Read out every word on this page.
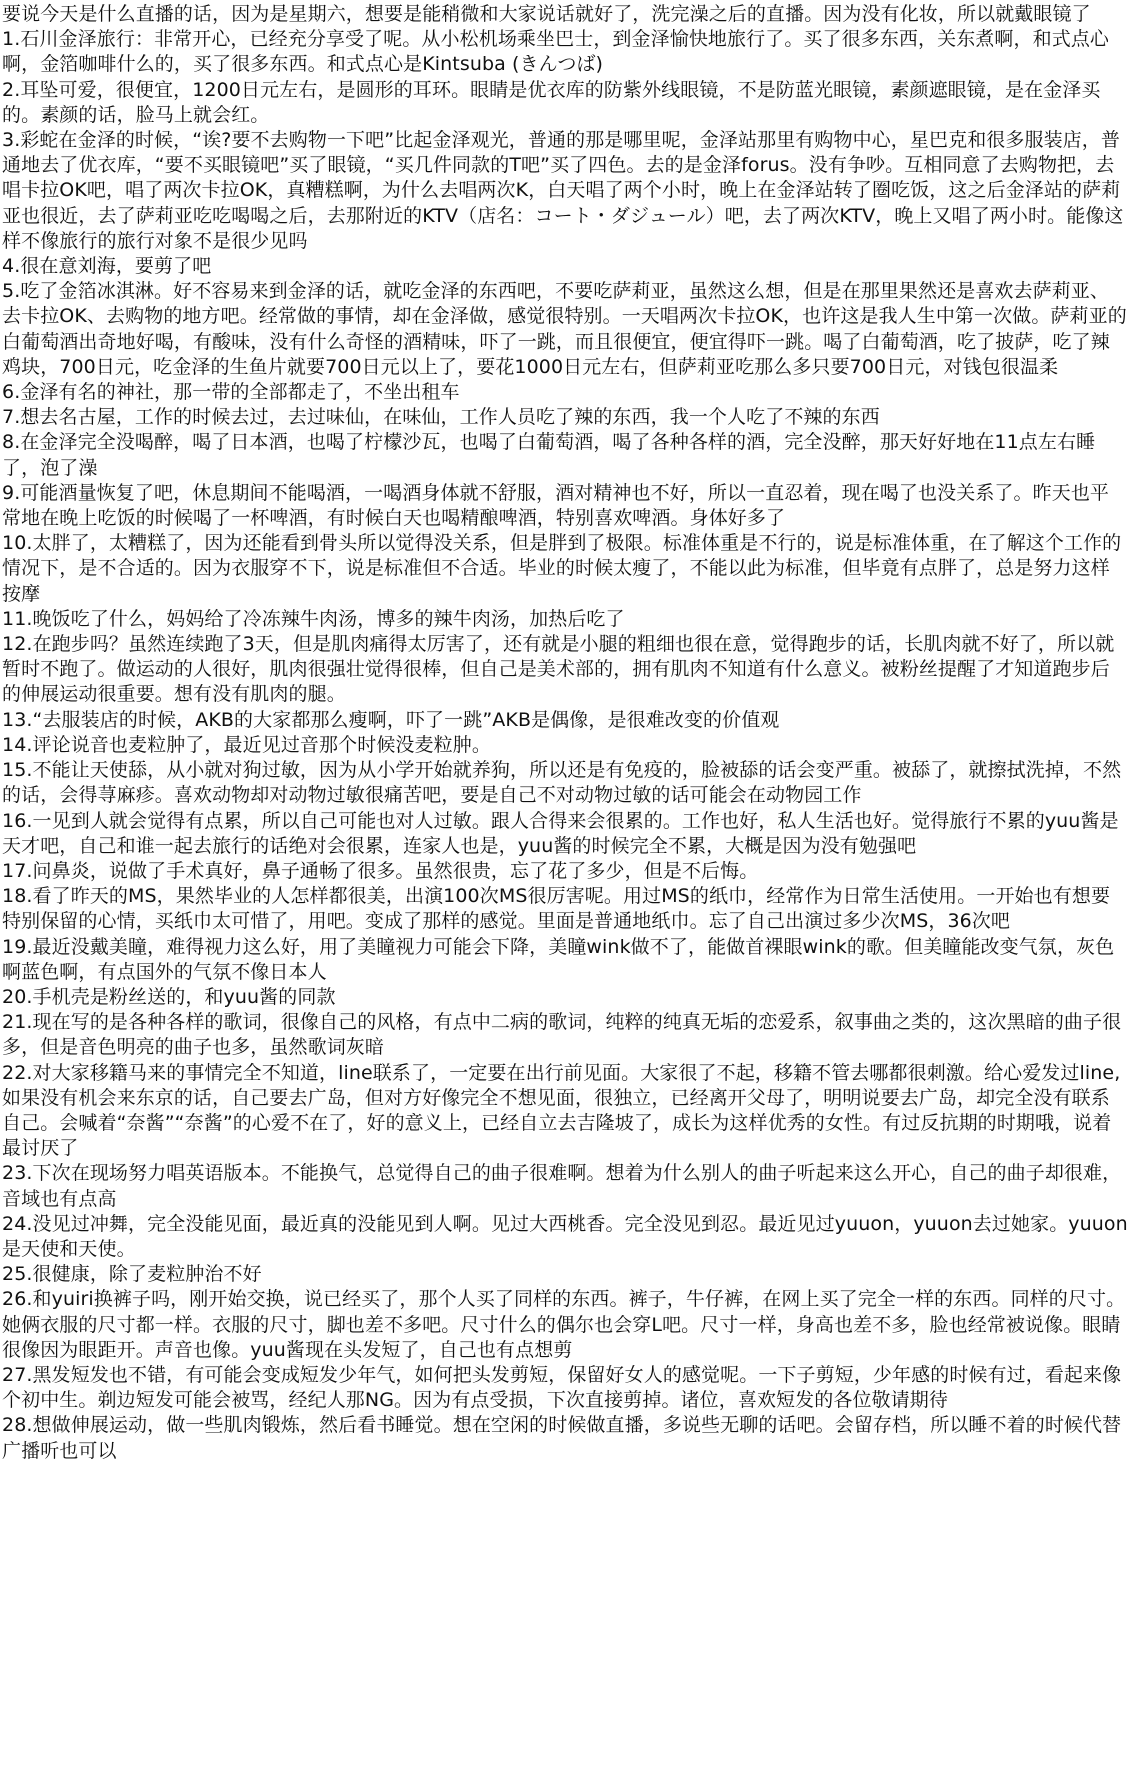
要说今天是什么直播的话，因为是星期六，想要是能稍微和大家说话就好了，洗完澡之后的直播。因为没有化妆，所以就戴眼镜了

1.石川金泽旅行：非常开心，已经充分享受了呢。从小松机场乘坐巴士，到金泽愉快地旅行了。买了很多东西，关东煮啊，和式点心啊，金箔咖啡什么的，买了很多东西。和式点心是Kintsuba (きんつば)

2.耳坠可爱，很便宜，1200日元左右，是圆形的耳环。眼睛是优衣库的防紫外线眼镜，不是防蓝光眼镜，素颜遮眼镜，是在金泽买的。素颜的话，脸马上就会红。

3.彩蛇在金泽的时候，“诶?要不去购物一下吧”比起金泽观光，普通的那是哪里呢，金泽站那里有购物中心，星巴克和很多服装店，普通地去了优衣库，“要不买眼镜吧”买了眼镜，“买几件同款的T吧”买了四色。去的是金泽forus。没有争吵。互相同意了去购物把，去唱卡拉OK吧，唱了两次卡拉OK，真糟糕啊，为什么去唱两次K，白天唱了两个小时，晚上在金泽站转了圈吃饭，这之后金泽站的萨莉亚也很近，去了萨莉亚吃吃喝喝之后，去那附近的KTV（店名：コート・ダジュール）吧，去了两次KTV，晚上又唱了两小时。能像这样不像旅行的旅行对象不是很少见吗

4.很在意刘海，要剪了吧

5.吃了金箔冰淇淋。好不容易来到金泽的话，就吃金泽的东西吧，不要吃萨莉亚，虽然这么想，但是在那里果然还是喜欢去萨莉亚、去卡拉OK、去购物的地方吧。经常做的事情，却在金泽做，感觉很特别。一天唱两次卡拉OK，也许这是我人生中第一次做。萨莉亚的白葡萄酒出奇地好喝，有酸味，没有什么奇怪的酒精味，吓了一跳，而且很便宜，便宜得吓一跳。喝了白葡萄酒，吃了披萨，吃了辣鸡块，700日元，吃金泽的生鱼片就要700日元以上了，要花1000日元左右，但萨莉亚吃那么多只要700日元，对钱包很温柔

6.金泽有名的神社，那一带的全部都走了，不坐出租车

7.想去名古屋，工作的时候去过，去过味仙，在味仙，工作人员吃了辣的东西，我一个人吃了不辣的东西

8.在金泽完全没喝醉，喝了日本酒，也喝了柠檬沙瓦，也喝了白葡萄酒，喝了各种各样的酒，完全没醉，那天好好地在11点左右睡了，泡了澡

9.可能酒量恢复了吧，休息期间不能喝酒，一喝酒身体就不舒服，酒对精神也不好，所以一直忍着，现在喝了也没关系了。昨天也平常地在晚上吃饭的时候喝了一杯啤酒，有时候白天也喝精酿啤酒，特别喜欢啤酒。身体好多了

10.太胖了，太糟糕了，因为还能看到骨头所以觉得没关系，但是胖到了极限。标准体重是不行的，说是标准体重，在了解这个工作的情况下，是不合适的。因为衣服穿不下，说是标准但不合适。毕业的时候太瘦了，不能以此为标准，但毕竟有点胖了，总是努力这样按摩

11.晚饭吃了什么，妈妈给了冷冻辣牛肉汤，博多的辣牛肉汤，加热后吃了

12.在跑步吗？虽然连续跑了3天，但是肌肉痛得太厉害了，还有就是小腿的粗细也很在意，觉得跑步的话，长肌肉就不好了，所以就暂时不跑了。做运动的人很好，肌肉很强壮觉得很棒，但自己是美术部的，拥有肌肉不知道有什么意义。被粉丝提醒了才知道跑步后的伸展运动很重要。想有没有肌肉的腿。

13.“去服装店的时候，AKB的大家都那么瘦啊，吓了一跳”AKB是偶像，是很难改变的价值观

14.评论说音也麦粒肿了，最近见过音那个时候没麦粒肿。

15.不能让天使舔，从小就对狗过敏，因为从小学开始就养狗，所以还是有免疫的，脸被舔的话会变严重。被舔了，就擦拭洗掉，不然的话，会得荨麻疹。喜欢动物却对动物过敏很痛苦吧，要是自己不对动物过敏的话可能会在动物园工作

16.一见到人就会觉得有点累，所以自己可能也对人过敏。跟人合得来会很累的。工作也好，私人生活也好。觉得旅行不累的yuu酱是天才吧，自己和谁一起去旅行的话绝对会很累，连家人也是，yuu酱的时候完全不累，大概是因为没有勉强吧

17.问鼻炎，说做了手术真好，鼻子通畅了很多。虽然很贵，忘了花了多少，但是不后悔。

18.看了昨天的MS，果然毕业的人怎样都很美，出演100次MS很厉害呢。用过MS的纸巾，经常作为日常生活使用。一开始也有想要特别保留的心情，买纸巾太可惜了，用吧。变成了那样的感觉。里面是普通地纸巾。忘了自己出演过多少次MS，36次吧

19.最近没戴美瞳，难得视力这么好，用了美瞳视力可能会下降，美瞳wink做不了，能做首裸眼wink的歌。但美瞳能改变气氛，灰色啊蓝色啊，有点国外的气氛不像日本人

20.手机壳是粉丝送的，和yuu酱的同款

21.现在写的是各种各样的歌词，很像自己的风格，有点中二病的歌词，纯粹的纯真无垢的恋爱系，叙事曲之类的，这次黑暗的曲子很多，但是音色明亮的曲子也多，虽然歌词灰暗

22.对大家移籍马来的事情完全不知道，line联系了，一定要在出行前见面。大家很了不起，移籍不管去哪都很刺激。给心爱发过line,如果没有机会来东京的话，自己要去广岛，但对方好像完全不想见面，很独立，已经离开父母了，明明说要去广岛，却完全没有联系自己。会喊着“奈酱”“奈酱”的心爱不在了，好的意义上，已经自立去吉隆坡了，成长为这样优秀的女性。有过反抗期的时期哦，说着最讨厌了

23.下次在现场努力唱英语版本。不能换气，总觉得自己的曲子很难啊。想着为什么别人的曲子听起来这么开心，自己的曲子却很难，音域也有点高

24.没见过冲舞，完全没能见面，最近真的没能见到人啊。见过大西桃香。完全没见到忍。最近见过yuuon，yuuon去过她家。yuuon是天使和天使。

25.很健康，除了麦粒肿治不好

26.和yuiri换裤子吗，刚开始交换，说已经买了，那个人买了同样的东西。裤子，牛仔裤，在网上买了完全一样的东西。同样的尺寸。她俩衣服的尺寸都一样。衣服的尺寸，脚也差不多吧。尺寸什么的偶尔也会穿L吧。尺寸一样，身高也差不多，脸也经常被说像。眼睛很像因为眼距开。声音也像。yuu酱现在头发短了，自己也有点想剪

27.黑发短发也不错，有可能会变成短发少年气，如何把头发剪短，保留好女人的感觉呢。一下子剪短，少年感的时候有过，看起来像个初中生。剃边短发可能会被骂，经纪人那NG。因为有点受损，下次直接剪掉。诸位，喜欢短发的各位敬请期待

28.想做伸展运动，做一些肌肉锻炼，然后看书睡觉。想在空闲的时候做直播，多说些无聊的话吧。会留存档，所以睡不着的时候代替广播听也可以
